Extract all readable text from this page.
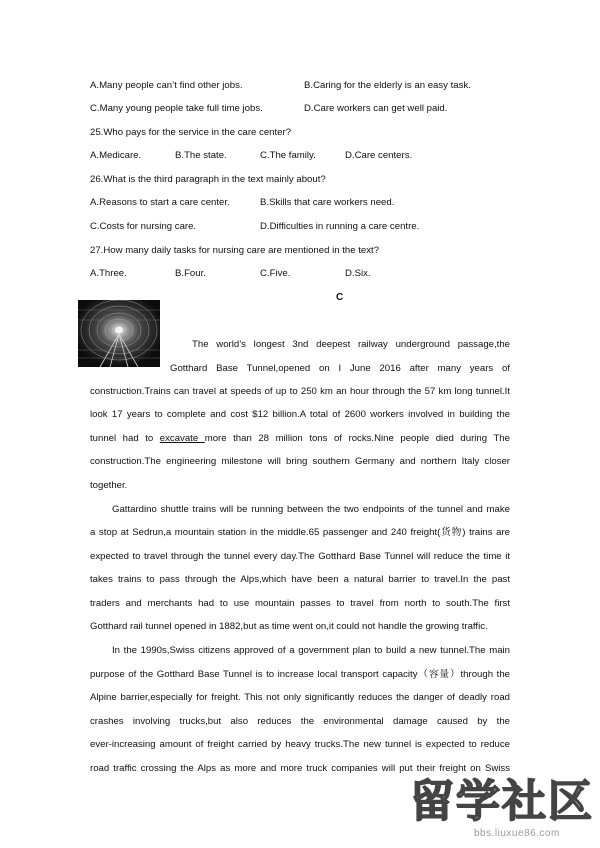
A.Many people can’t find other jobs.	B.Caring for the elderly is an easy task.
C.Many young people take full time jobs.	D.Care workers can get well paid.
25.Who pays for the service in the care center?
A.Medicare.	B.The state.	C.The family.	D.Care centers.
26.What is the third paragraph in the text mainly about?
A.Reasons to start a care center.	B.Skills that care workers need.
C.Costs for nursing care.	D.Difficulties in running a care centre.
27.How many daily tasks for nursing care are mentioned in the text?
A.Three.	B.Four.	C.Five.	D.Six.
C
The world’s longest 3nd deepest railway underground passage,the
Gotthard Base Tunnel,opened on I June 2016 after many years of
construction.Trains can travel at speeds of up to 250 km an hour through the 57 km long tunnel.It
look 17 years to complete and cost $12 billion.A total of 2600 workers involved in building the
tunnel had to excavate more than 28 million tons of rocks.Nine people died during The
construction.The engineering milestone will bring southern Germany and northern Italy closer
together.
Gattardino shuttle trains will be running between the two endpoints of the tunnel and make
a stop at Sedrun,a mountain station in the middle.65 passenger and 240 freight(货物) trains are
expected to travel through the tunnel every day.The Gotthard Base Tunnel will reduce the time it
takes trains to pass through the Alps,which have been a natural barrier to travel.In the past
traders and merchants had to use mountain passes to travel from north to south.The first
Gotthard rail tunnel opened in 1882,but as time went on,it could not handle the growing traffic.
In the 1990s,Swiss citizens approved of a government plan to build a new tunnel.The main
purpose of the Gotthard Base Tunnel is to increase local transport capacity（容量）through the
Alpine barrier,especially for freight. This not only significantly reduces the danger of deadly road
crashes involving trucks,but also reduces the environmental damage caused by the
ever-increasing amount of freight carried by heavy trucks.The new tunnel is expected to reduce
road traffic crossing the Alps as more and more truck companies will put their freight on Swiss
留学社区
bbs.liuxue86.com
